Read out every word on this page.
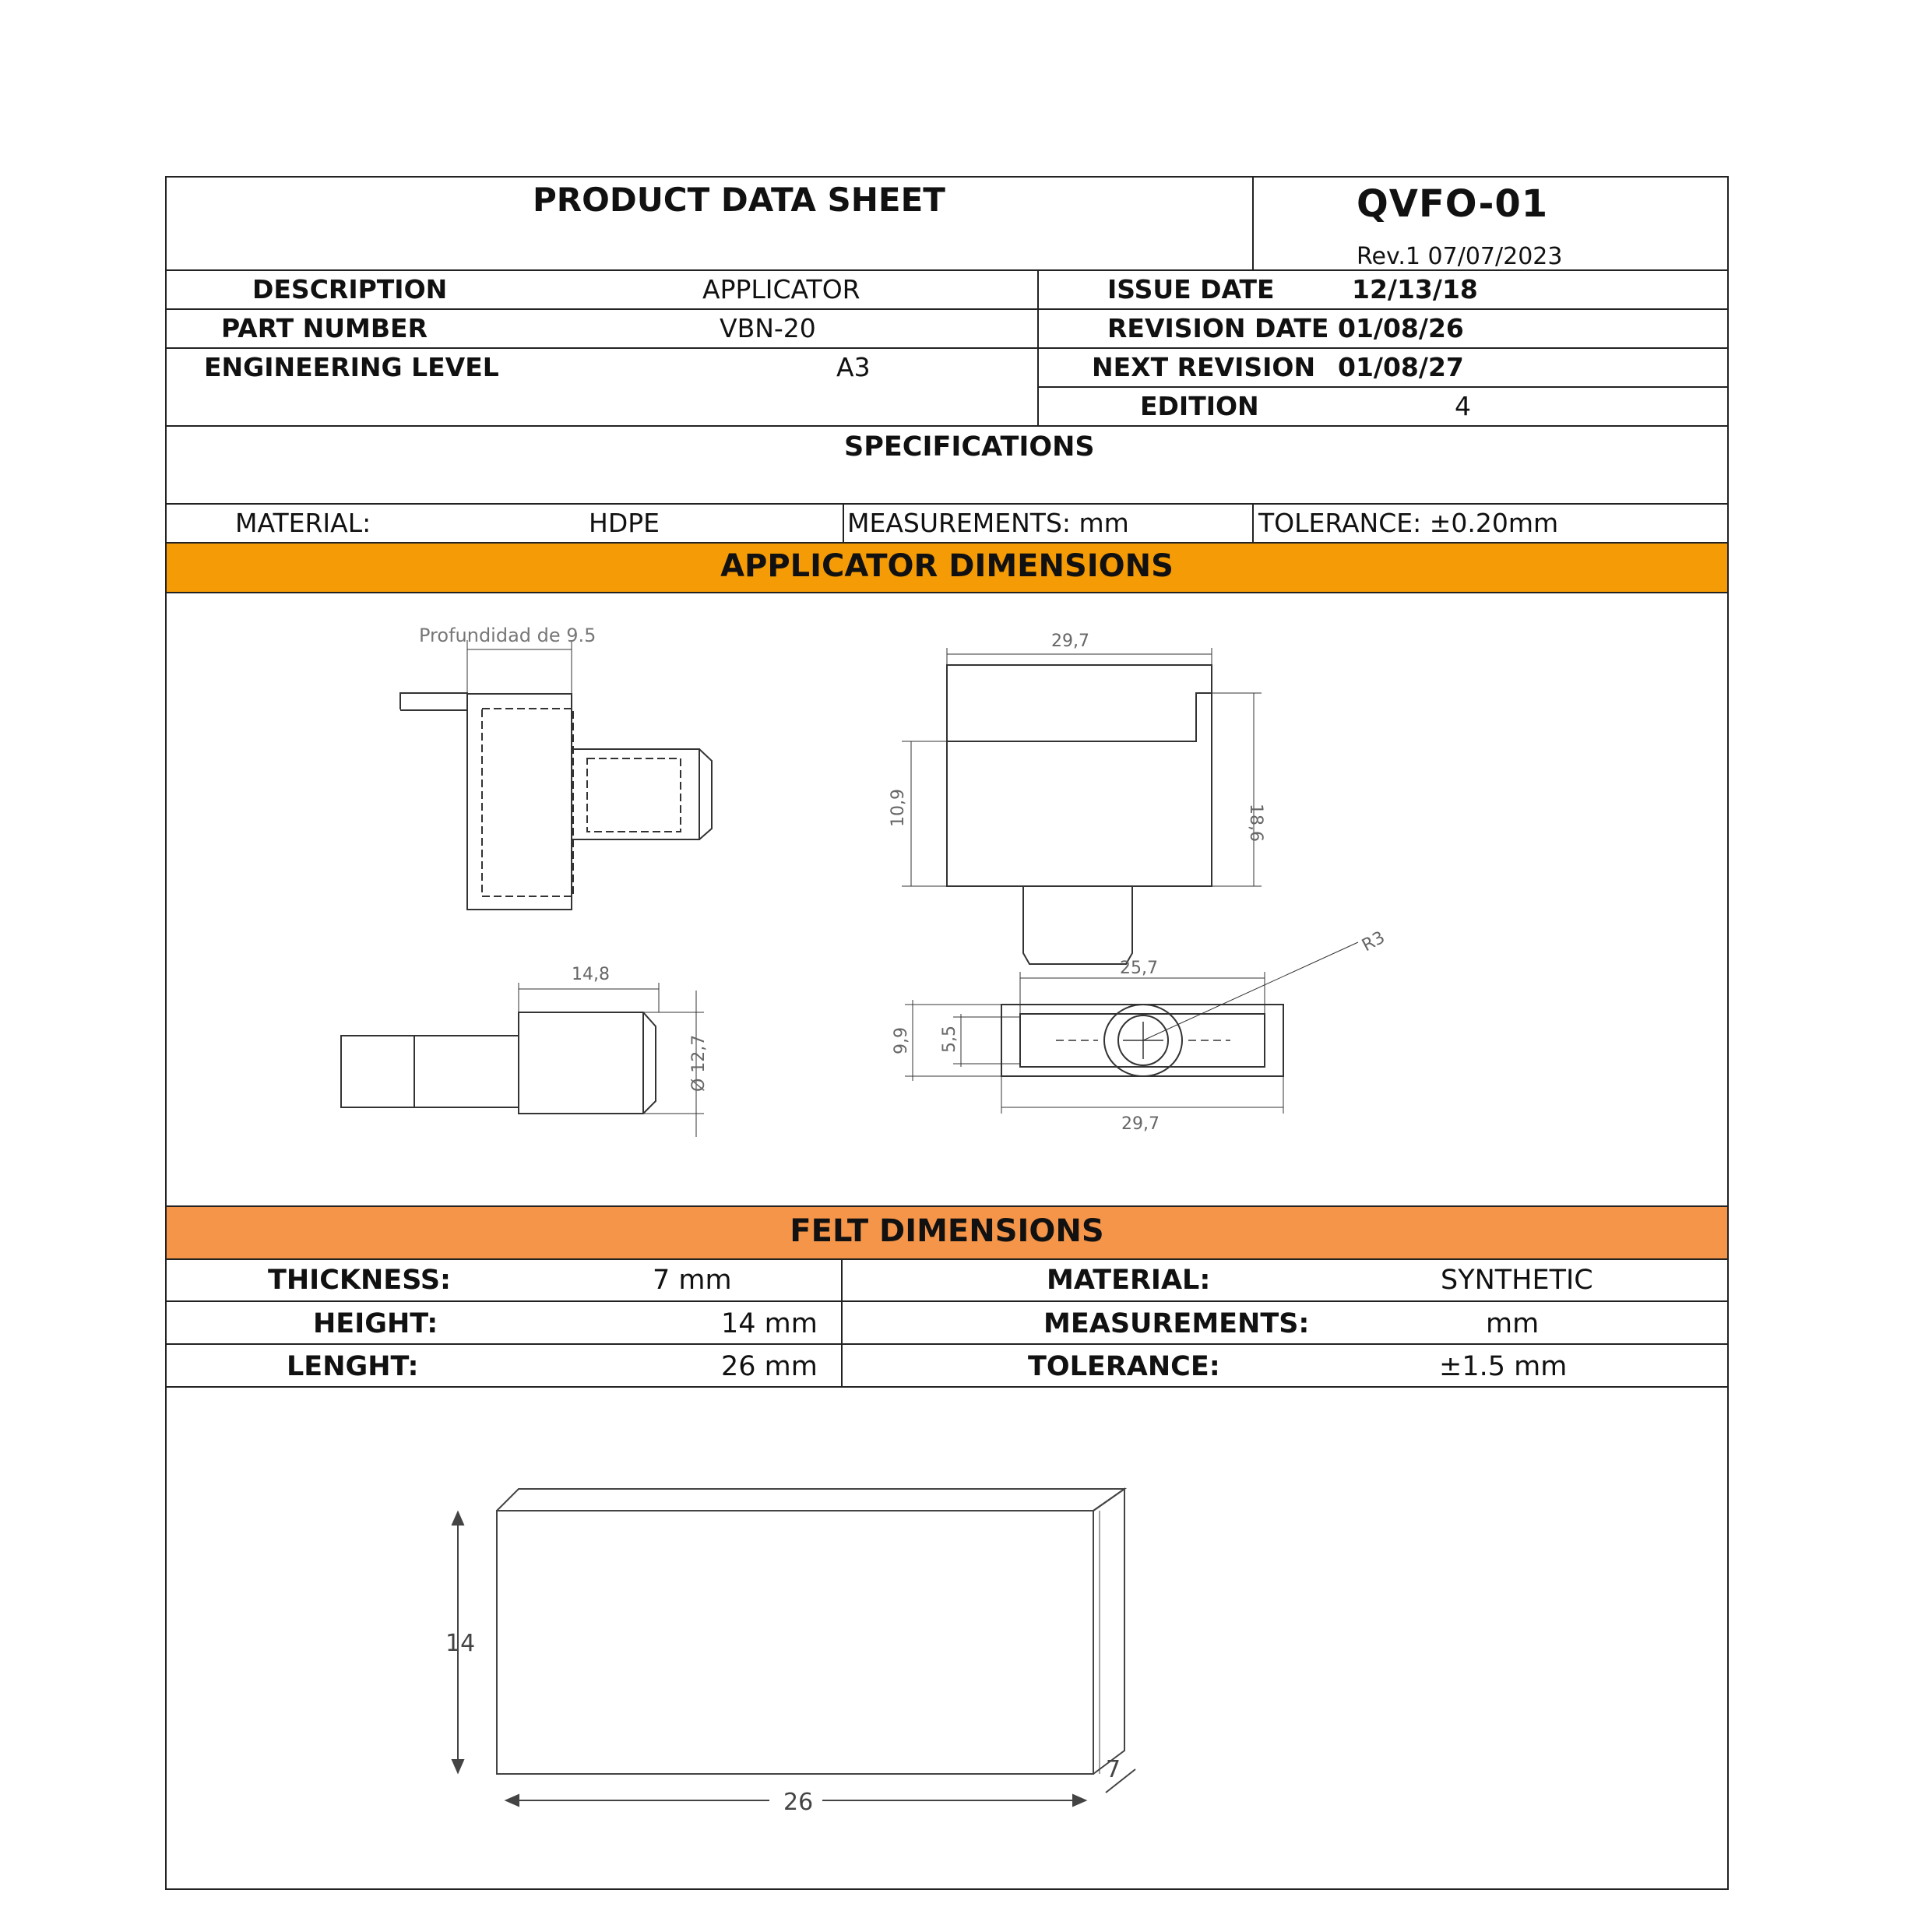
PRODUCT DATA SHEET	QVFO-01
Rev.1 07/07/2023
DESCRIPTION	APPLICATOR
PART NUMBER	VBN-20
ENGINEERING LEVEL	A3
ISSUE DATE	12/13/18
REVISION DATE 01/08/26
NEXT REVISION 01/08/27
EDITION	4
SPECIFICATIONS
MATERIAL:	HDPE	MEASUREMENTS: mm	TOLERANCE: ±0.20mm
APPLICATOR DIMENSIONS
Profundidad de 9.5	29,7
10,9	18,6
14,8
Ø 12,7
25,7
R3
9,9 5,5
29,7
FELT DIMENSIONS
THICKNESS:	7 mm	MATERIAL:	SYNTHETIC
HEIGHT:	14 mm	MEASUREMENTS:	mm
LENGHT:	26 mm	TOLERANCE:	±1.5 mm
14
26
7
